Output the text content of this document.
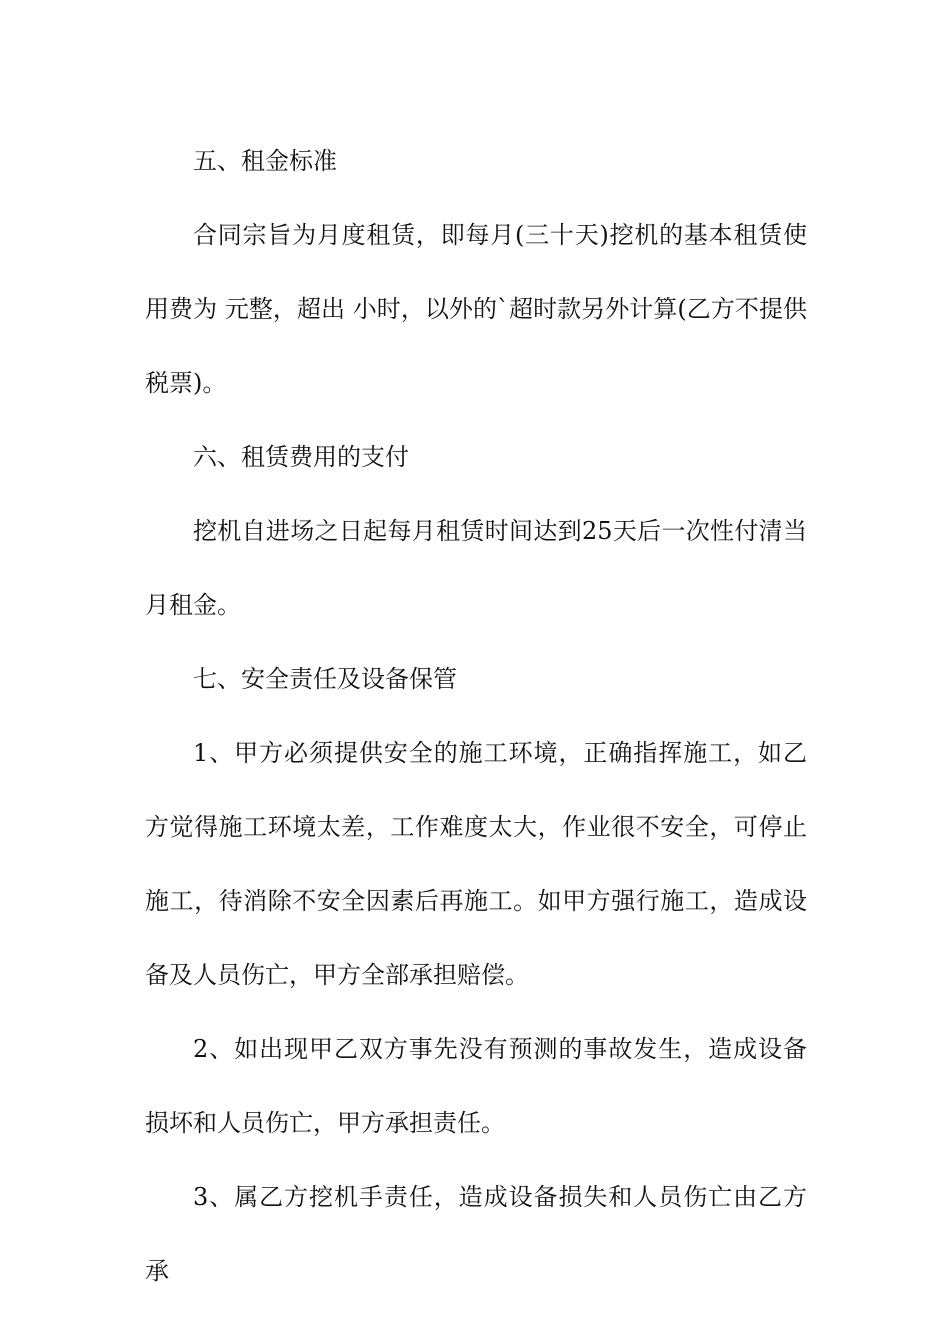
五、租金标准

合同宗旨为月度租赁，即每月(三十天)挖机的基本租赁使用费为 元整，超出 小时，以外的`超时款另外计算(乙方不提供税票)。

六、租赁费用的支付

挖机自进场之日起每月租赁时间达到25天后一次性付清当月租金。

七、安全责任及设备保管

1、甲方必须提供安全的施工环境，正确指挥施工，如乙方觉得施工环境太差，工作难度太大，作业很不安全，可停止施工，待消除不安全因素后再施工。如甲方强行施工，造成设备及人员伤亡，甲方全部承担赔偿。

2、如出现甲乙双方事先没有预测的事故发生，造成设备损坏和人员伤亡，甲方承担责任。

3、属乙方挖机手责任，造成设备损失和人员伤亡由乙方承
